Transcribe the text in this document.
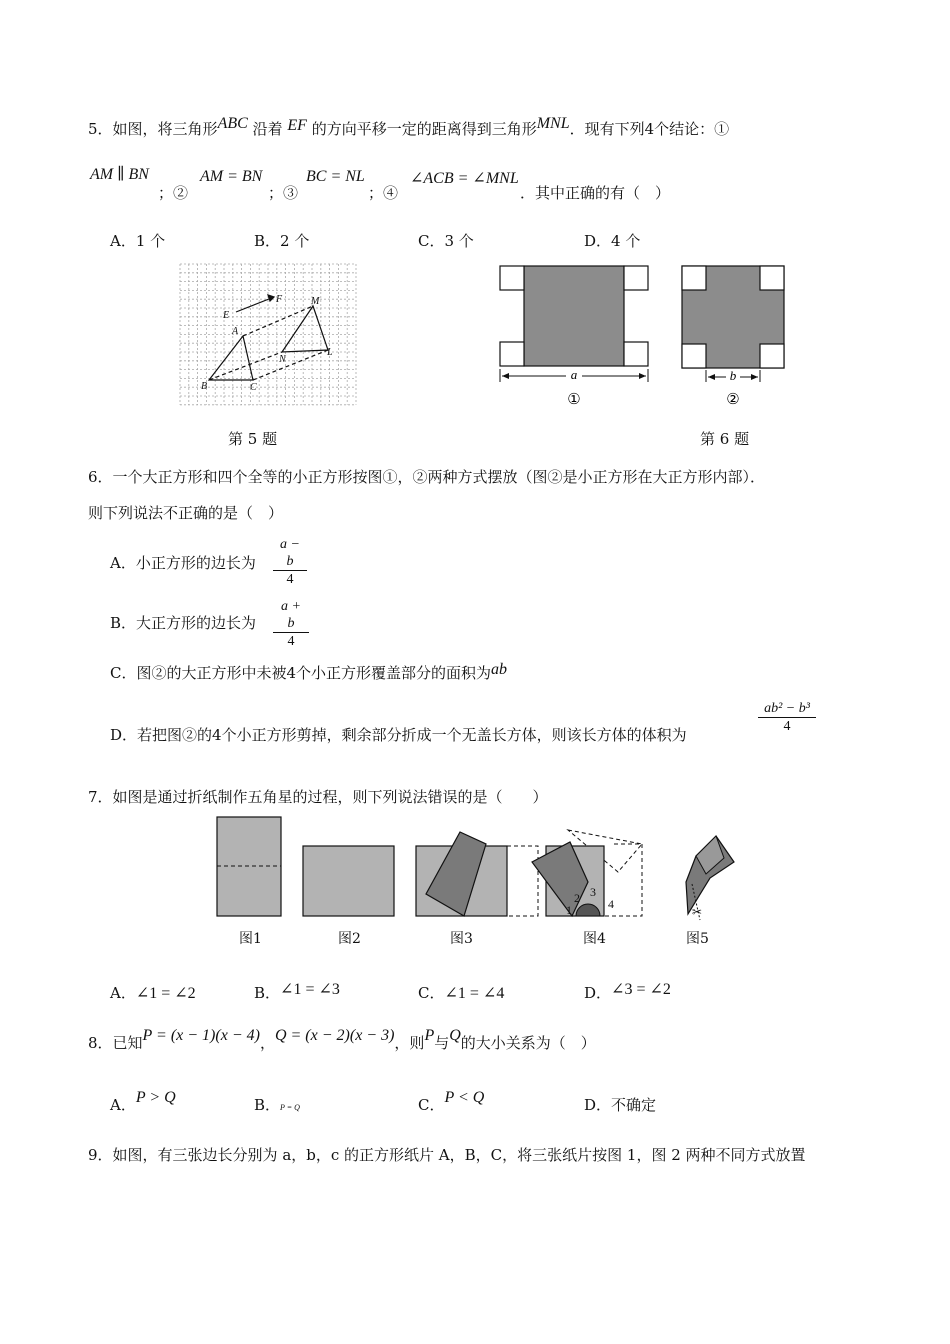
5．如图，将三角形ABC 沿着 EF 的方向平移一定的距离得到三角形MNL．现有下列4个结论：①
AM ∥ BN
；②
AM = BN
；③
BC = NL
；④
∠ACB = ∠MNL
．其中正确的有（　）
A．1 个	B．2 个	C．3 个	D．4 个
E
F
A
B	C
M
N
L
第 5 题
a
①
b
②
第 6 题
6．一个大正方形和四个全等的小正方形按图①，②两种方式摆放（图②是小正方形在大正方形内部）．
则下列说法不正确的是（　）
A．小正方形的边长为 $\frac{a - b}{4}$
B．大正方形的边长为 $\frac{a + b}{4}$
C．图②的大正方形中未被4个小正方形覆盖部分的面积为ab
D．若把图②的4个小正方形剪掉，剩余部分折成一个无盖长方体，则该长方体的体积为	$\frac{\text{ab² − b³}}{4}$
7．如图是通过折纸制作五角星的过程，则下列说法错误的是（　　）
1
2 3
4
✂
图1	图2	图3	图4	图5
A．∠1 = ∠2	B．∠1 = ∠3	C．∠1 = ∠4	D．∠3 = ∠2
8．已知P = (x − 1)(x − 4)，Q = (x − 2)(x − 3)，则P与Q的大小关系为（　）
A．P > Q	B．P = Q	C．P < Q	D．不确定
9．如图，有三张边长分别为 a，b，c 的正方形纸片 A，B，C，将三张纸片按图 1，图 2 两种不同方式放置
